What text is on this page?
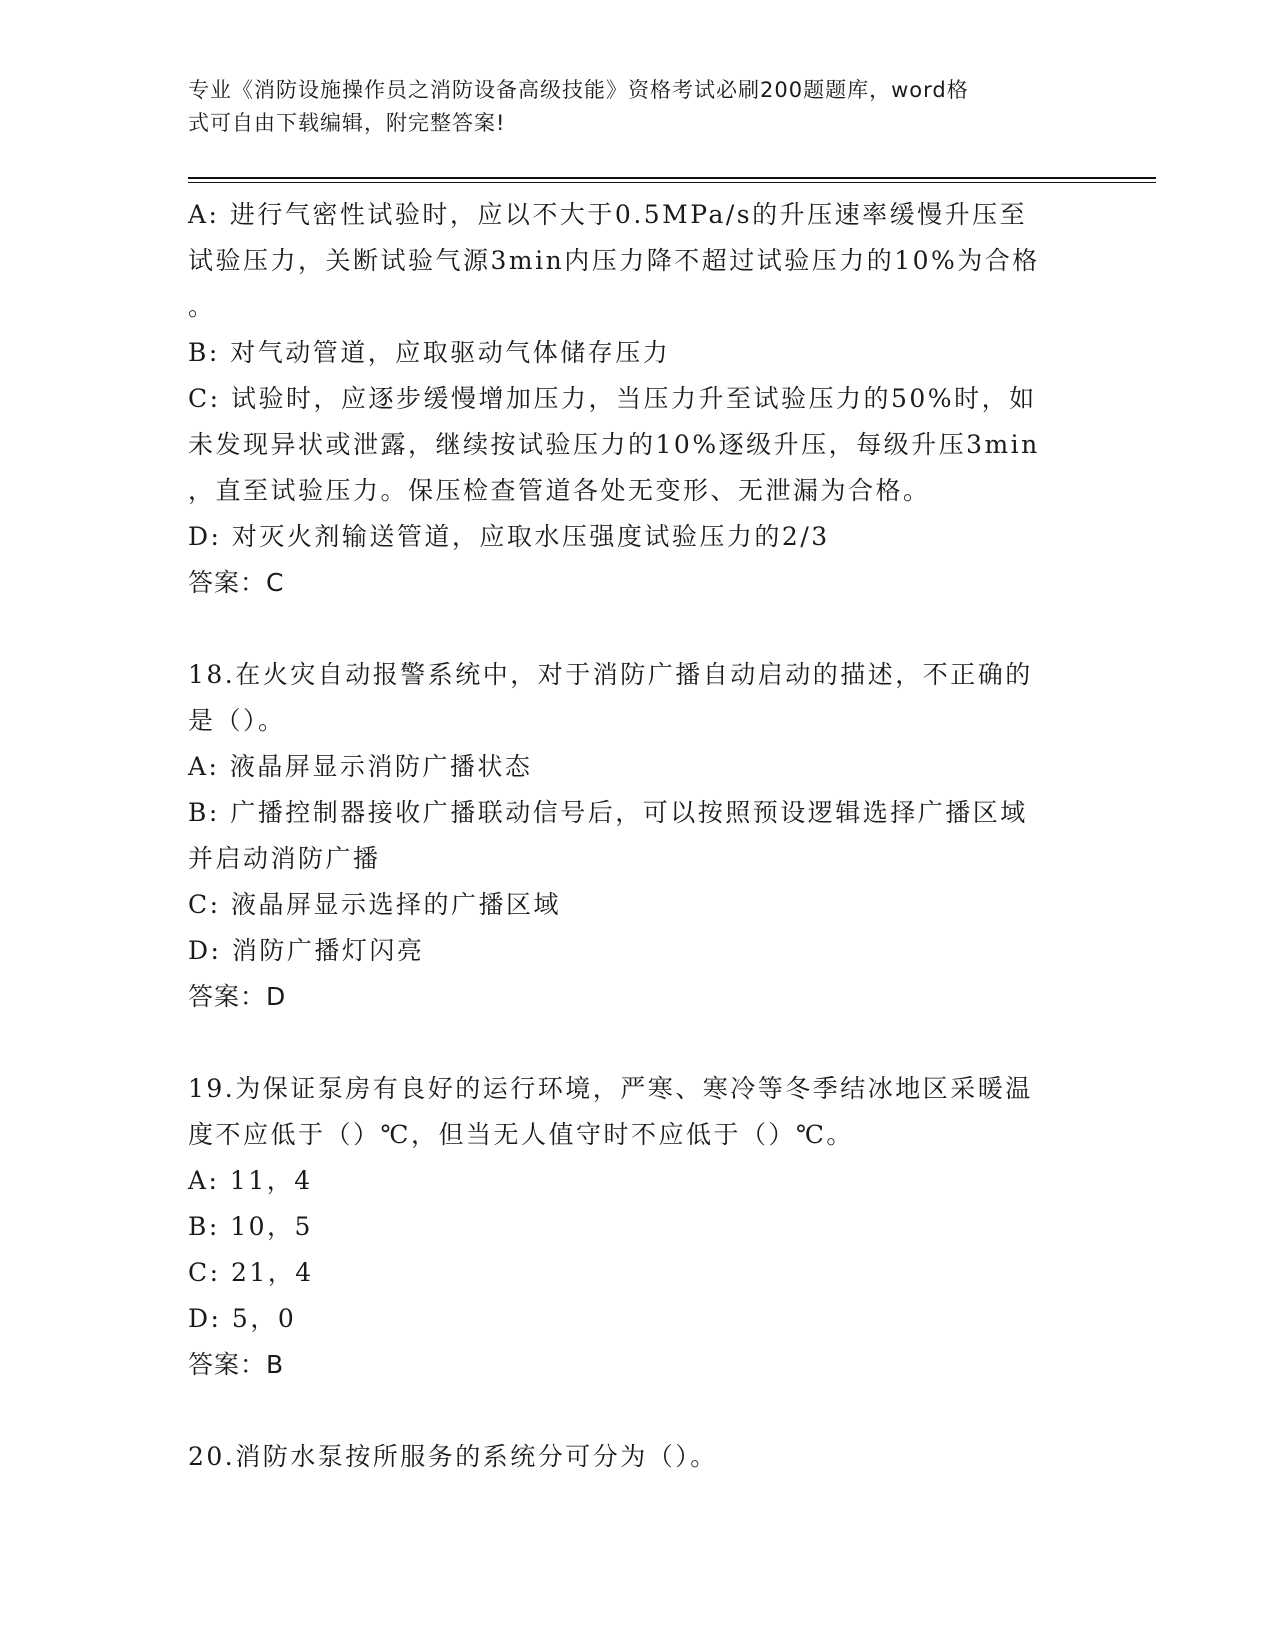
专业《消防设施操作员之消防设备高级技能》资格考试必刷200题题库，word格
式可自由下载编辑，附完整答案!
A: 进行气密性试验时，应以不大于0.5MPa/s的升压速率缓慢升压至
试验压力，关断试验气源3min内压力降不超过试验压力的10%为合格
。
B: 对气动管道，应取驱动气体储存压力
C: 试验时，应逐步缓慢增加压力，当压力升至试验压力的50%时，如
未发现异状或泄露，继续按试验压力的10%逐级升压，每级升压3min
，直至试验压力。保压检查管道各处无变形、无泄漏为合格。
D: 对灭火剂输送管道，应取水压强度试验压力的2/3
答案：C
18.在火灾自动报警系统中，对于消防广播自动启动的描述，不正确的
是（）。
A: 液晶屏显示消防广播状态
B: 广播控制器接收广播联动信号后，可以按照预设逻辑选择广播区域
并启动消防广播
C: 液晶屏显示选择的广播区域
D: 消防广播灯闪亮
答案：D
19.为保证泵房有良好的运行环境，严寒、寒冷等冬季结冰地区采暖温
度不应低于（）℃，但当无人值守时不应低于（）℃。
A: 11，4
B: 10，5
C: 21，4
D: 5，0
答案：B
20.消防水泵按所服务的系统分可分为（）。
